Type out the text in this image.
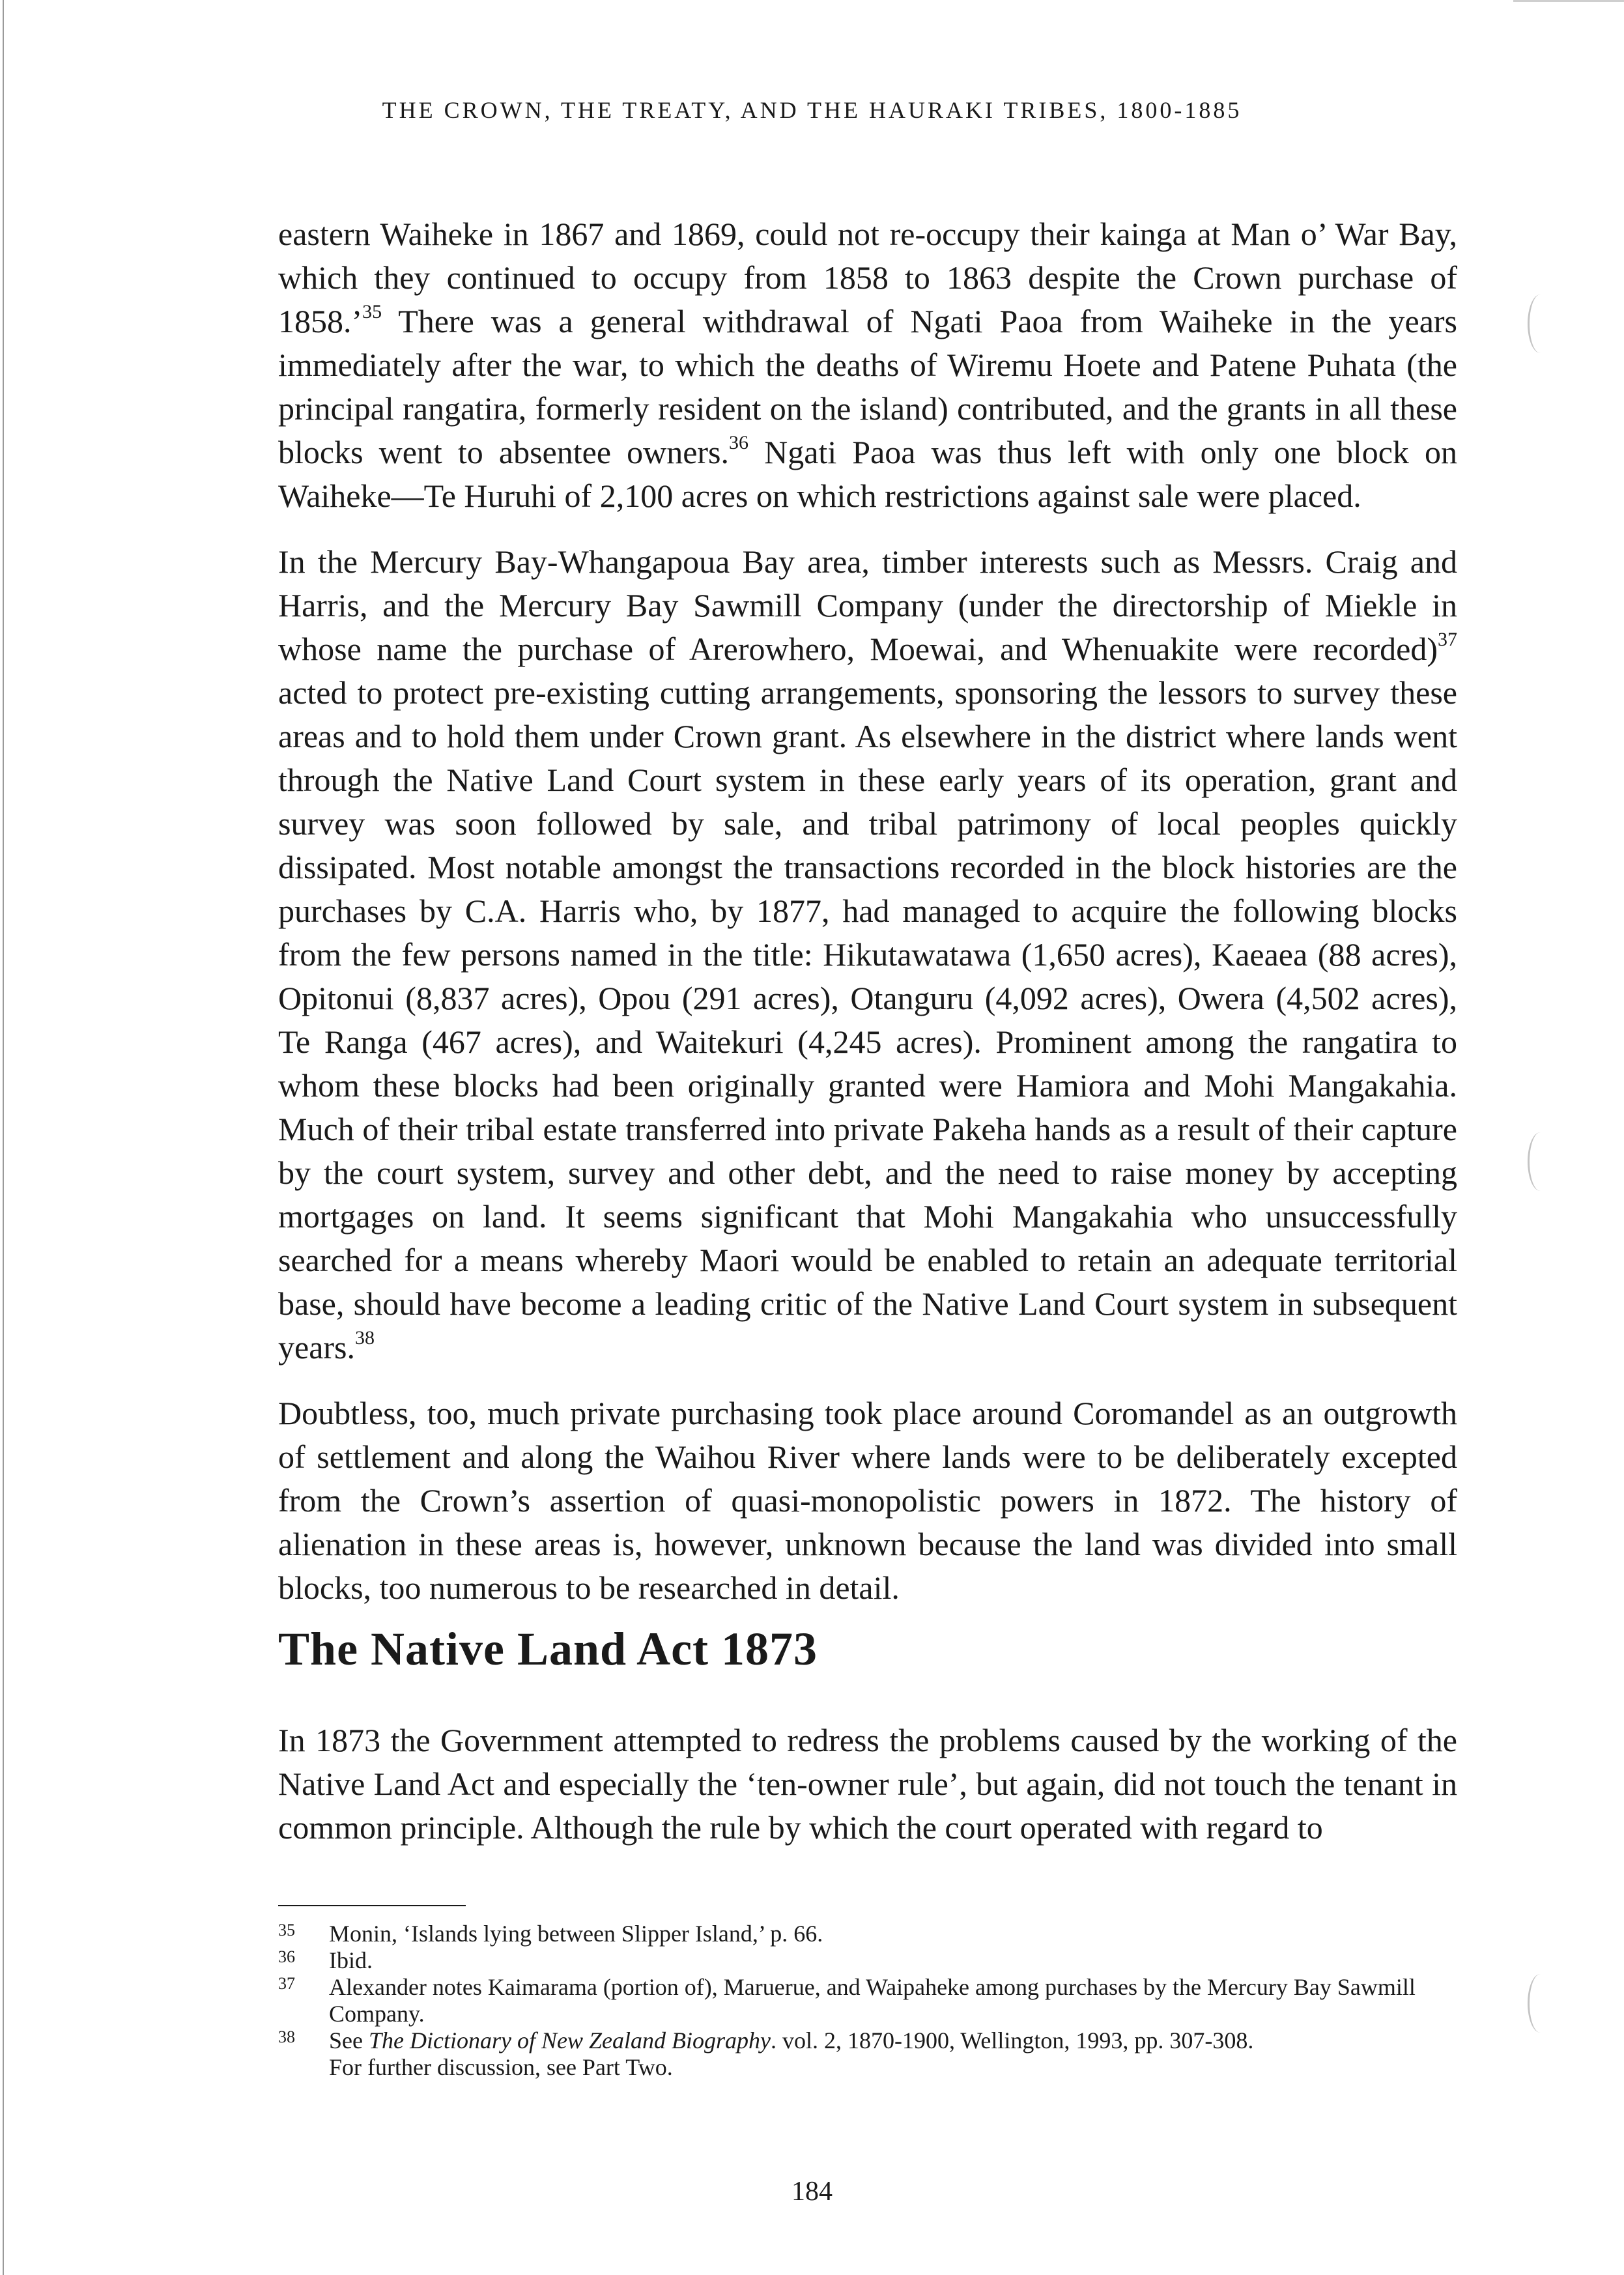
THE CROWN, THE TREATY, AND THE HAURAKI TRIBES, 1800-1885

eastern Waiheke in 1867 and 1869, could not re-occupy their kainga at Man o’ War Bay, which they continued to occupy from 1858 to 1863 despite the Crown purchase of 1858.’$^{35}$ There was a general withdrawal of Ngati Paoa from Waiheke in the years immediately after the war, to which the deaths of Wiremu Hoete and Patene Puhata (the principal rangatira, formerly resident on the island) contributed, and the grants in all these blocks went to absentee owners.$^{36}$ Ngati Paoa was thus left with only one block on Waiheke—Te Huruhi of 2,100 acres on which restrictions against sale were placed.

In the Mercury Bay-Whangapoua Bay area, timber interests such as Messrs. Craig and Harris, and the Mercury Bay Sawmill Company (under the directorship of Miekle in whose name the purchase of Arerowhero, Moewai, and Whenuakite were recorded)$^{37}$ acted to protect pre-existing cutting arrangements, sponsoring the lessors to survey these areas and to hold them under Crown grant. As elsewhere in the district where lands went through the Native Land Court system in these early years of its operation, grant and survey was soon followed by sale, and tribal patrimony of local peoples quickly dissipated. Most notable amongst the transactions recorded in the block histories are the purchases by C.A. Harris who, by 1877, had managed to acquire the following blocks from the few persons named in the title: Hikutawatawa (1,650 acres), Kaeaea (88 acres), Opitonui (8,837 acres), Opou (291 acres), Otanguru (4,092 acres), Owera (4,502 acres), Te Ranga (467 acres), and Waitekuri (4,245 acres). Prominent among the rangatira to whom these blocks had been originally granted were Hamiora and Mohi Mangakahia. Much of their tribal estate transferred into private Pakeha hands as a result of their capture by the court system, survey and other debt, and the need to raise money by accepting mortgages on land. It seems significant that Mohi Mangakahia who unsuccessfully searched for a means whereby Maori would be enabled to retain an adequate territorial base, should have become a leading critic of the Native Land Court system in subsequent years.$^{38}$

Doubtless, too, much private purchasing took place around Coromandel as an outgrowth of settlement and along the Waihou River where lands were to be deliberately excepted from the Crown’s assertion of quasi-monopolistic powers in 1872. The history of alienation in these areas is, however, unknown because the land was divided into small blocks, too numerous to be researched in detail.

The Native Land Act 1873

In 1873 the Government attempted to redress the problems caused by the working of the Native Land Act and especially the ‘ten-owner rule’, but again, did not touch the tenant in common principle. Although the rule by which the court operated with regard to

35	Monin, ‘Islands lying between Slipper Island,’ p. 66.
36	Ibid.
37	Alexander notes Kaimarama (portion of), Maruerue, and Waipaheke among purchases by the Mercury Bay Sawmill Company.
38	See The Dictionary of New Zealand Biography. vol. 2, 1870-1900, Wellington, 1993, pp. 307-308.
For further discussion, see Part Two.
184
